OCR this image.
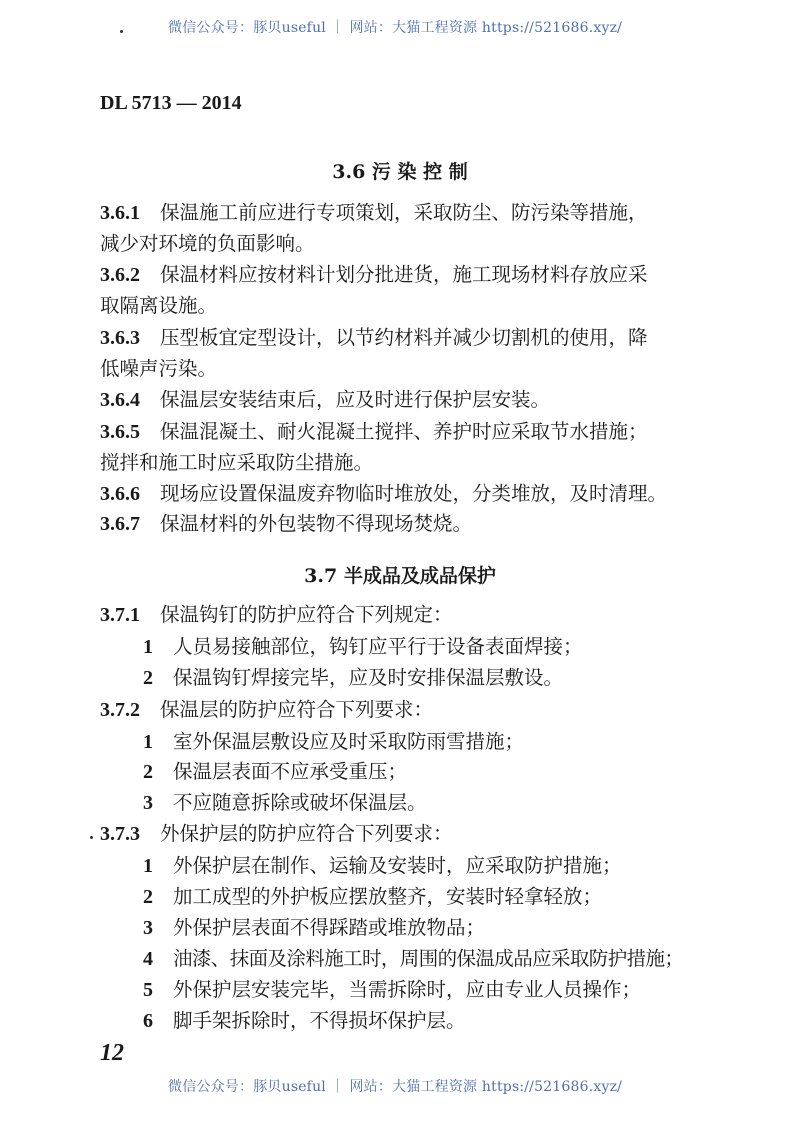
微信公众号：豚贝useful ｜ 网站：大猫工程资源 https://521686.xyz/
DL 5713 — 2014
3.6 污 染 控 制
3.6.1 保温施工前应进行专项策划，采取防尘、防污染等措施，
减少对环境的负面影响。
3.6.2 保温材料应按材料计划分批进货，施工现场材料存放应采
取隔离设施。
3.6.3 压型板宜定型设计，以节约材料并减少切割机的使用，降
低噪声污染。
3.6.4 保温层安装结束后，应及时进行保护层安装。
3.6.5 保温混凝土、耐火混凝土搅拌、养护时应采取节水措施；
搅拌和施工时应采取防尘措施。
3.6.6 现场应设置保温废弃物临时堆放处，分类堆放，及时清理。
3.6.7 保温材料的外包装物不得现场焚烧。
3.7 半成品及成品保护
3.7.1 保温钩钉的防护应符合下列规定：
1 人员易接触部位，钩钉应平行于设备表面焊接；
2 保温钩钉焊接完毕，应及时安排保温层敷设。
3.7.2 保温层的防护应符合下列要求：
1 室外保温层敷设应及时采取防雨雪措施；
2 保温层表面不应承受重压；
3 不应随意拆除或破坏保温层。
3.7.3 外保护层的防护应符合下列要求：
1 外保护层在制作、运输及安装时，应采取防护措施；
2 加工成型的外护板应摆放整齐，安装时轻拿轻放；
3 外保护层表面不得踩踏或堆放物品；
4 油漆、抹面及涂料施工时，周围的保温成品应采取防护措施；
5 外保护层安装完毕，当需拆除时，应由专业人员操作；
6 脚手架拆除时，不得损坏保护层。
12
微信公众号：豚贝useful ｜ 网站：大猫工程资源 https://521686.xyz/
